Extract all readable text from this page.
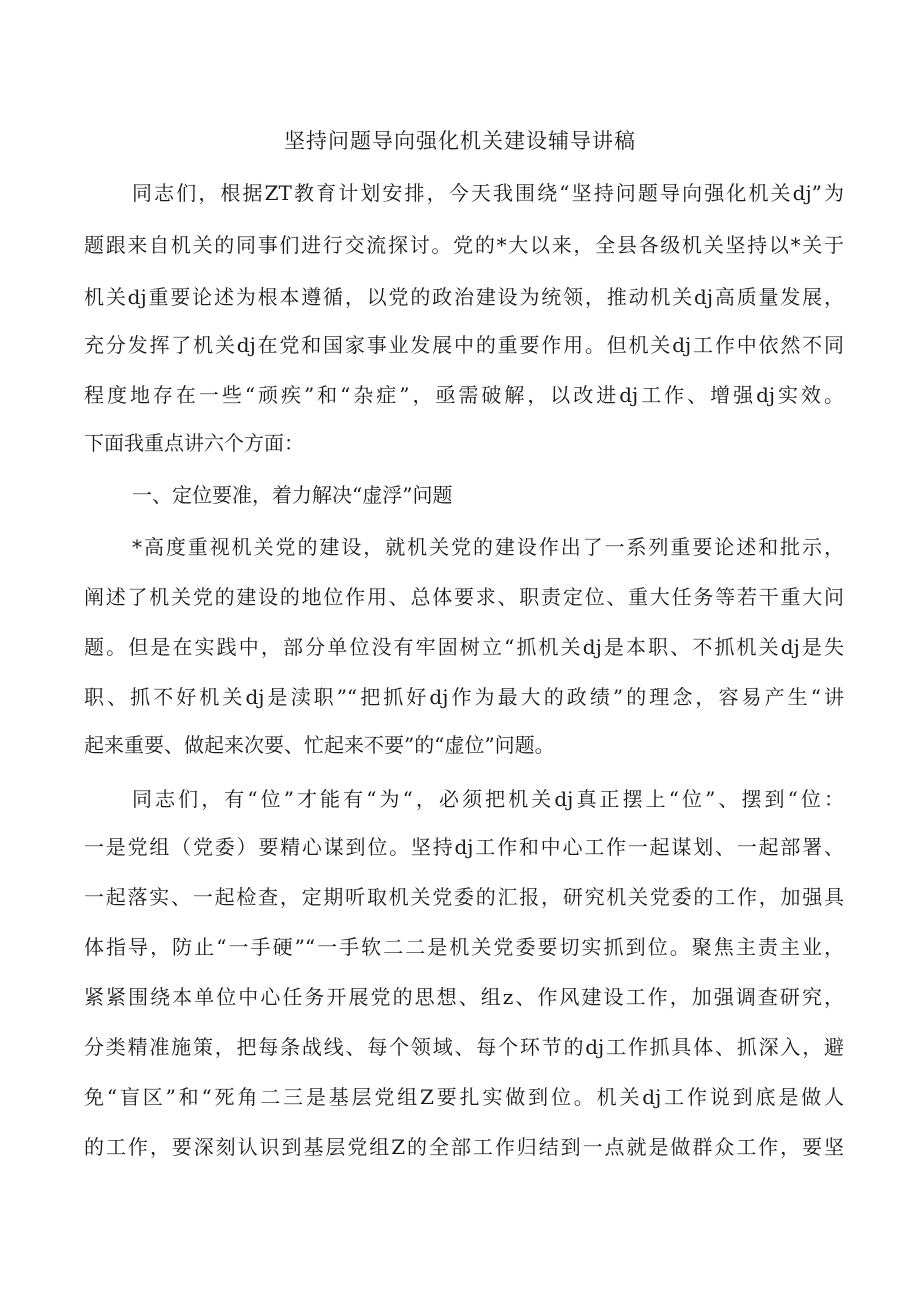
坚持问题导向强化机关建设辅导讲稿

同志们，根据ZT教育计划安排，今天我围绕“坚持问题导向强化机关dj”为

题跟来自机关的同事们进行交流探讨。党的*大以来，全县各级机关坚持以*关于

机关dj重要论述为根本遵循，以党的政治建设为统领，推动机关dj高质量发展，

充分发挥了机关dj在党和国家事业发展中的重要作用。但机关dj工作中依然不同

程度地存在一些“顽疾”和“杂症”，亟需破解，以改进dj工作、增强dj实效。

下面我重点讲六个方面：

一、定位要准，着力解决“虚浮”问题

*高度重视机关党的建设，就机关党的建设作出了一系列重要论述和批示，

阐述了机关党的建设的地位作用、总体要求、职责定位、重大任务等若干重大问

题。但是在实践中，部分单位没有牢固树立“抓机关dj是本职、不抓机关dj是失

职、抓不好机关dj是渎职”“把抓好dj作为最大的政绩”的理念，容易产生“讲

起来重要、做起来次要、忙起来不要”的“虚位”问题。

同志们，有“位”才能有“为“，必须把机关dj真正摆上“位”、摆到“位：

一是党组（党委）要精心谋到位。坚持dj工作和中心工作一起谋划、一起部署、

一起落实、一起检查，定期听取机关党委的汇报，研究机关党委的工作，加强具

体指导，防止“一手硬”“一手软二二是机关党委要切实抓到位。聚焦主责主业，

紧紧围绕本单位中心任务开展党的思想、组z、作风建设工作，加强调查研究，

分类精准施策，把每条战线、每个领域、每个环节的dj工作抓具体、抓深入，避

免“盲区”和“死角二三是基层党组Z要扎实做到位。机关dj工作说到底是做人

的工作，要深刻认识到基层党组Z的全部工作归结到一点就是做群众工作，要坚
